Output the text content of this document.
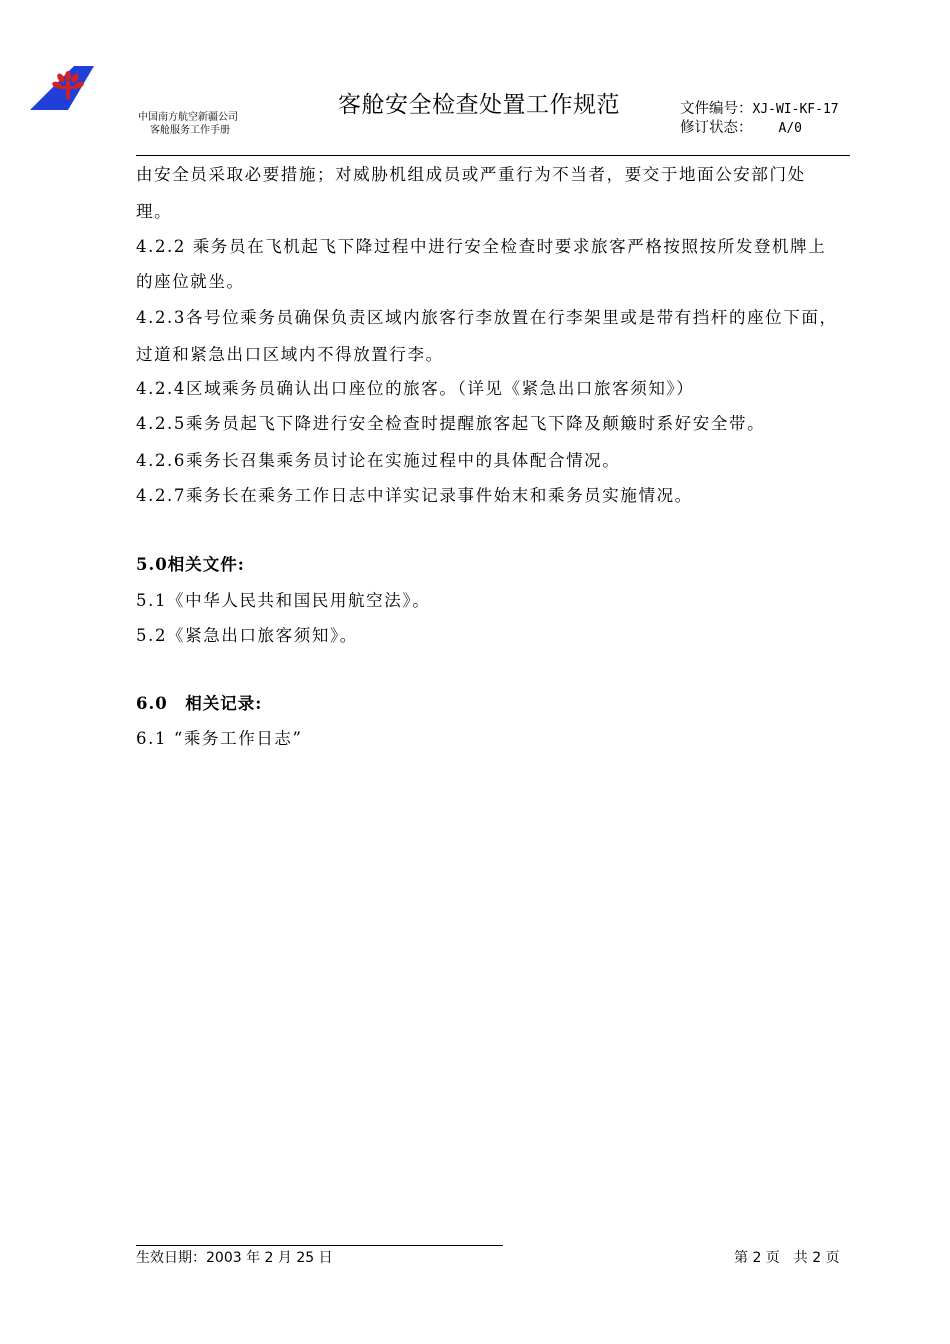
中国南方航空新疆公司
客舱服务工作手册
客舱安全检查处置工作规范	文件编号：XJ-WI-KF-17
修订状态： A/0
由安全员采取必要措施；对威胁机组成员或严重行为不当者，要交于地面公安部门处
理。
4.2.2 乘务员在飞机起飞下降过程中进行安全检查时要求旅客严格按照按所发登机牌上
的座位就坐。
4.2.3各号位乘务员确保负责区域内旅客行李放置在行李架里或是带有挡杆的座位下面，
过道和紧急出口区域内不得放置行李。
4.2.4区域乘务员确认出口座位的旅客。（详见《紧急出口旅客须知》）
4.2.5乘务员起飞下降进行安全检查时提醒旅客起飞下降及颠簸时系好安全带。
4.2.6乘务长召集乘务员讨论在实施过程中的具体配合情况。
4.2.7乘务长在乘务工作日志中详实记录事件始末和乘务员实施情况。
5.0相关文件:
5.1《中华人民共和国民用航空法》。
5.2《紧急出口旅客须知》。
6.0　相关记录:
6.1 “乘务工作日志”
生效日期：2003 年 2 月 25 日	第 2 页　共 2 页
